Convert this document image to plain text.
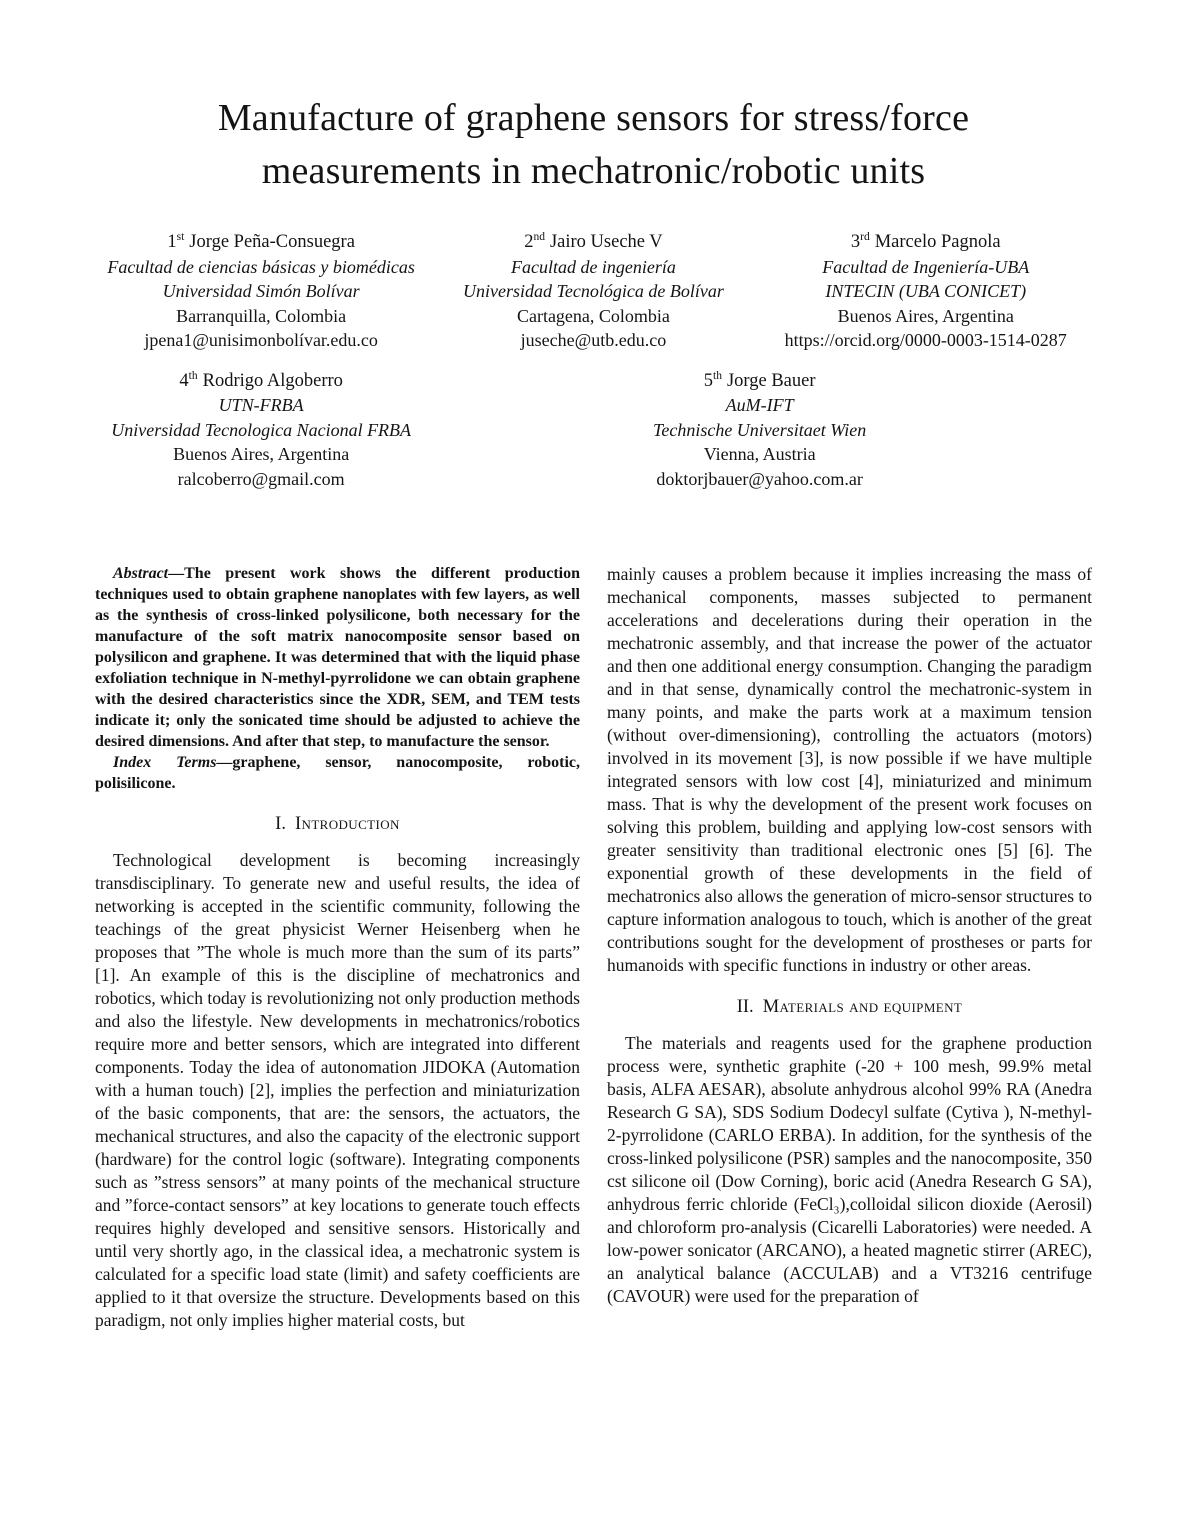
Manufacture of graphene sensors for stress/force
measurements in mechatronic/robotic units
1st Jorge Peña-Consuegra
Facultad de ciencias básicas y biomédicas
Universidad Simón Bolívar
Barranquilla, Colombia
jpena1@unisimonbolívar.edu.co
2nd Jairo Useche V
Facultad de ingeniería
Universidad Tecnológica de Bolívar
Cartagena, Colombia
juseche@utb.edu.co
3rd Marcelo Pagnola
Facultad de Ingeniería-UBA
INTECIN (UBA CONICET)
Buenos Aires, Argentina
https://orcid.org/0000-0003-1514-0287
4th Rodrigo Algoberro
UTN-FRBA
Universidad Tecnologica Nacional FRBA
Buenos Aires, Argentina
ralcoberro@gmail.com
5th Jorge Bauer
AuM-IFT
Technische Universitaet Wien
Vienna, Austria
doktorjbauer@yahoo.com.ar

Abstract—The present work shows the different production techniques used to obtain graphene nanoplates with few layers, as well as the synthesis of cross-linked polysilicone, both necessary for the manufacture of the soft matrix nanocomposite sensor based on polysilicon and graphene. It was determined that with the liquid phase exfoliation technique in N-methyl-pyrrolidone we can obtain graphene with the desired characteristics since the XDR, SEM, and TEM tests indicate it; only the sonicated time should be adjusted to achieve the desired dimensions. And after that step, to manufacture the sensor.

Index Terms—graphene, sensor, nanocomposite, robotic, polisilicone.

I. Introduction

Technological development is becoming increasingly transdisciplinary. To generate new and useful results, the idea of networking is accepted in the scientific community, following the teachings of the great physicist Werner Heisenberg when he proposes that ”The whole is much more than the sum of its parts” [1]. An example of this is the discipline of mechatronics and robotics, which today is revolutionizing not only production methods and also the lifestyle. New developments in mechatronics/robotics require more and better sensors, which are integrated into different components. Today the idea of autonomation JIDOKA (Automation with a human touch) [2], implies the perfection and miniaturization of the basic components, that are: the sensors, the actuators, the mechanical structures, and also the capacity of the electronic support (hardware) for the control logic (software). Integrating components such as ”stress sensors” at many points of the mechanical structure and ”force-contact sensors” at key locations to generate touch effects requires highly developed and sensitive sensors. Historically and until very shortly ago, in the classical idea, a mechatronic system is calculated for a specific load state (limit) and safety coefficients are applied to it that oversize the structure. Developments based on this paradigm, not only implies higher material costs, but

mainly causes a problem because it implies increasing the mass of mechanical components, masses subjected to permanent accelerations and decelerations during their operation in the mechatronic assembly, and that increase the power of the actuator and then one additional energy consumption. Changing the paradigm and in that sense, dynamically control the mechatronic-system in many points, and make the parts work at a maximum tension (without over-dimensioning), controlling the actuators (motors) involved in its movement [3], is now possible if we have multiple integrated sensors with low cost [4], miniaturized and minimum mass. That is why the development of the present work focuses on solving this problem, building and applying low-cost sensors with greater sensitivity than traditional electronic ones [5] [6]. The exponential growth of these developments in the field of mechatronics also allows the generation of micro-sensor structures to capture information analogous to touch, which is another of the great contributions sought for the development of prostheses or parts for humanoids with specific functions in industry or other areas.

II. Materials and equipment

The materials and reagents used for the graphene production process were, synthetic graphite (-20 + 100 mesh, 99.9% metal basis, ALFA AESAR), absolute anhydrous alcohol 99% RA (Anedra Research G SA), SDS Sodium Dodecyl sulfate (Cytiva ), N-methyl-2-pyrrolidone (CARLO ERBA). In addition, for the synthesis of the cross-linked polysilicone (PSR) samples and the nanocomposite, 350 cst silicone oil (Dow Corning), boric acid (Anedra Research G SA), anhydrous ferric chloride (FeCl₃),colloidal silicon dioxide (Aerosil) and chloroform pro-analysis (Cicarelli Laboratories) were needed. A low-power sonicator (ARCANO), a heated magnetic stirrer (AREC), an analytical balance (ACCULAB) and a VT3216 centrifuge (CAVOUR) were used for the preparation of
